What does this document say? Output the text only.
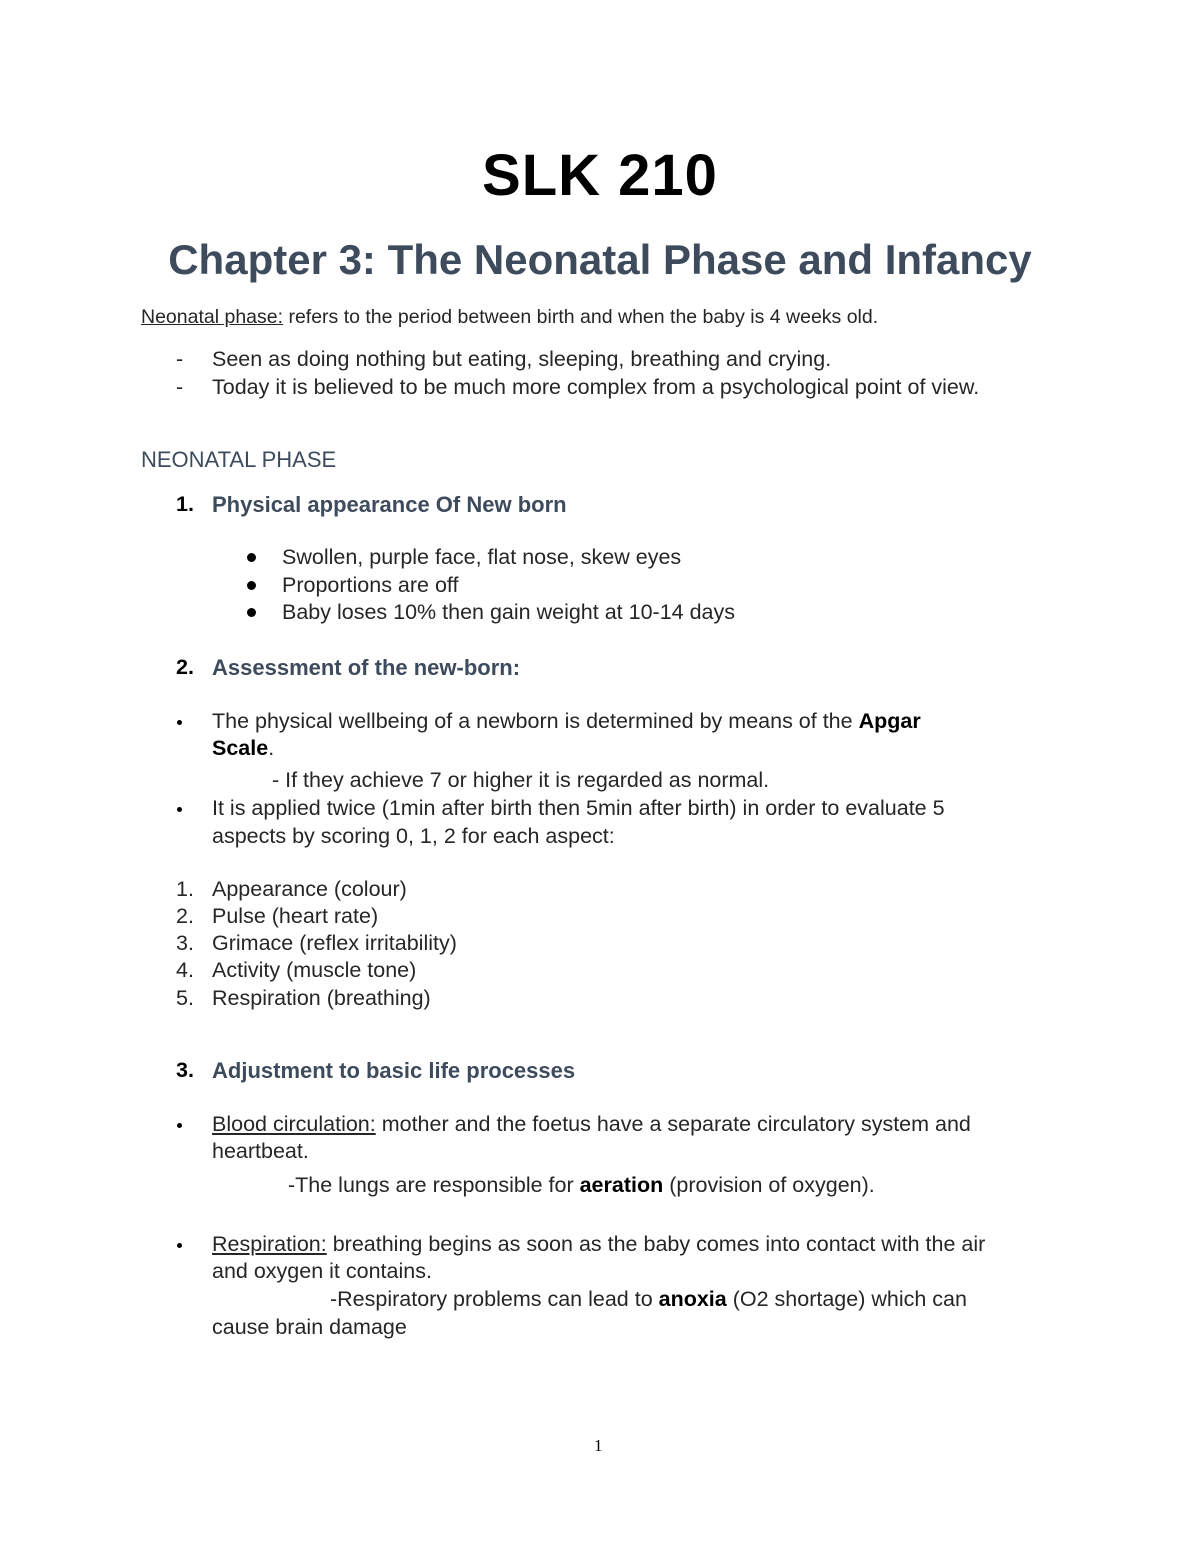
SLK 210
Chapter 3: The Neonatal Phase and Infancy
Neonatal phase: refers to the period between birth and when the baby is 4 weeks old.
- Seen as doing nothing but eating, sleeping, breathing and crying.
- Today it is believed to be much more complex from a psychological point of view.
NEONATAL PHASE
1. Physical appearance Of New born
Swollen, purple face, flat nose, skew eyes
Proportions are off
Baby loses 10% then gain weight at 10-14 days
2. Assessment of the new-born:
The physical wellbeing of a newborn is determined by means of the Apgar
Scale.
- If they achieve 7 or higher it is regarded as normal.
It is applied twice (1min after birth then 5min after birth) in order to evaluate 5
aspects by scoring 0, 1, 2 for each aspect:
1. Appearance (colour)
2. Pulse (heart rate)
3. Grimace (reflex irritability)
4. Activity (muscle tone)
5. Respiration (breathing)
3. Adjustment to basic life processes
Blood circulation: mother and the foetus have a separate circulatory system and
heartbeat.
-The lungs are responsible for aeration (provision of oxygen).
Respiration: breathing begins as soon as the baby comes into contact with the air
and oxygen it contains.
-Respiratory problems can lead to anoxia (O2 shortage) which can
cause brain damage
1
